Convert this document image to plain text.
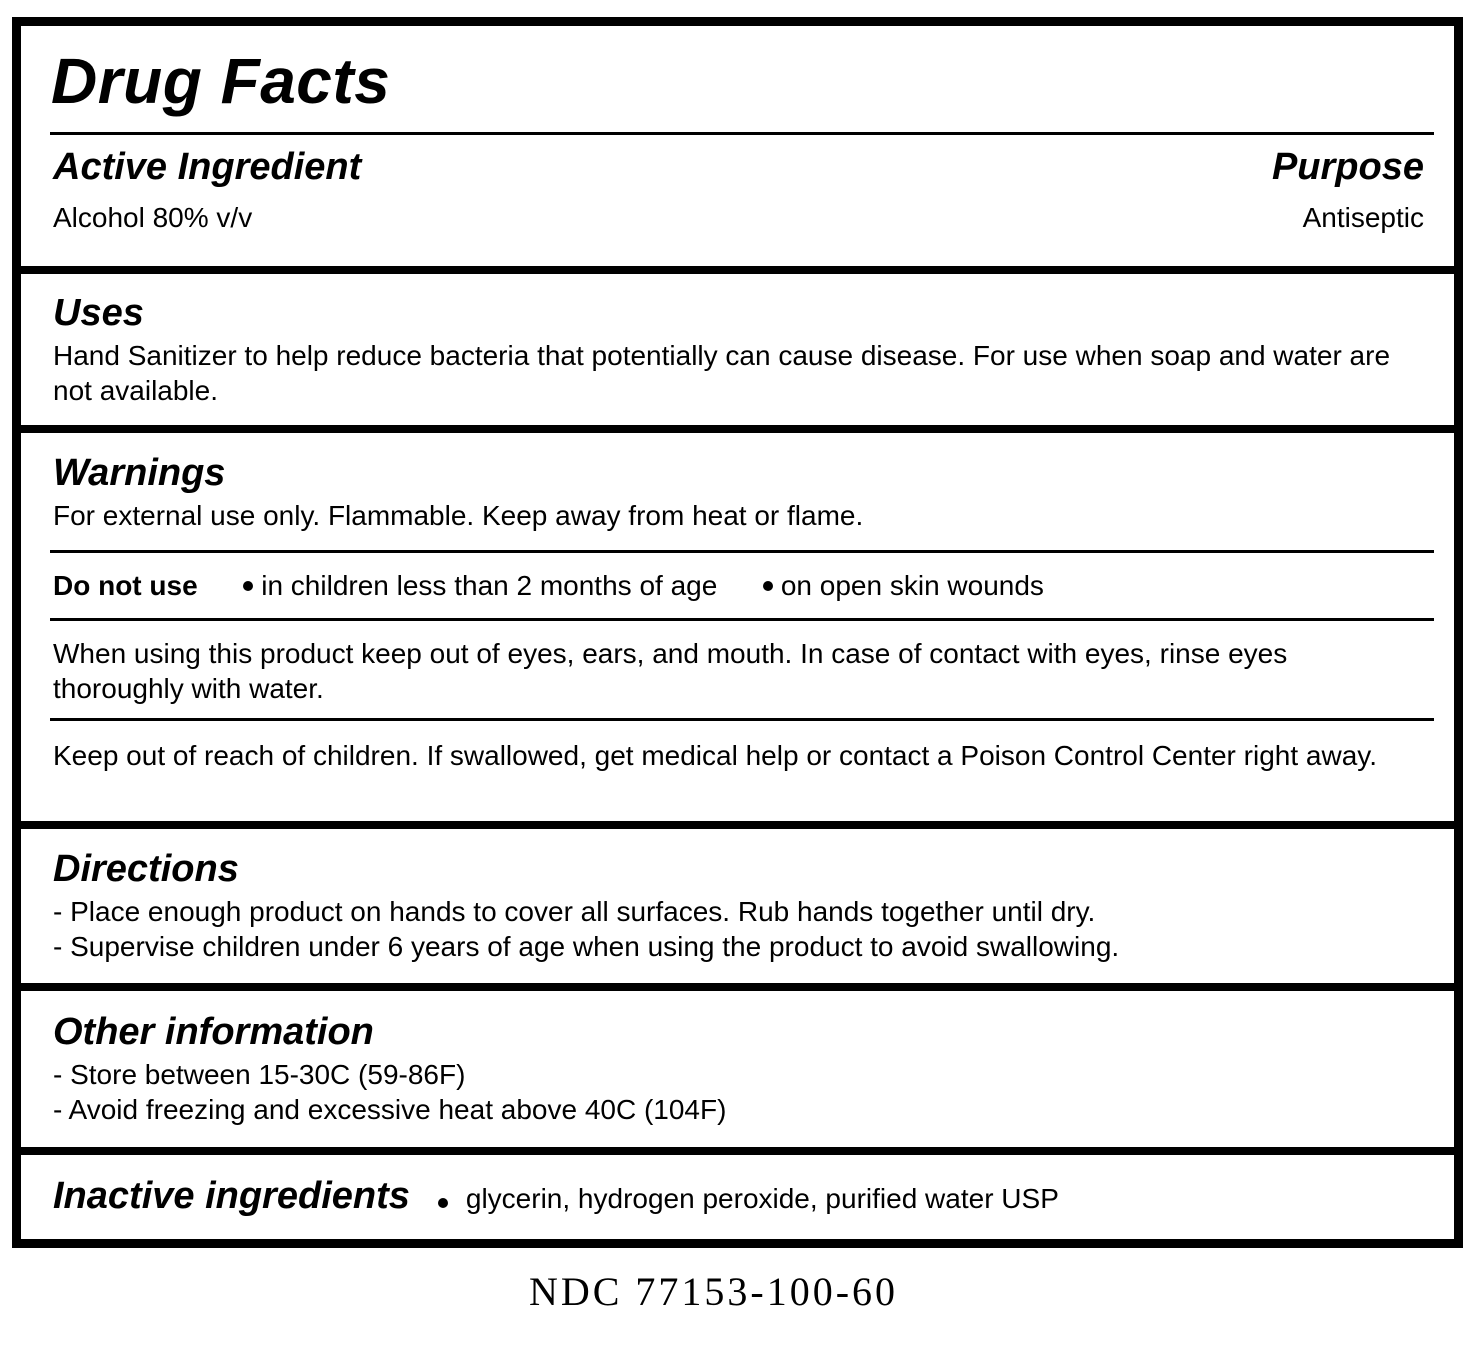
Drug Facts
Active Ingredient	Purpose
Alcohol 80% v/v	Antiseptic
Uses

Hand Sanitizer to help reduce bacteria that potentially can cause disease. For use when soap and water are not available.

Warnings

For external use only. Flammable. Keep away from heat or flame.

Do not use in children less than 2 months of age on open skin wounds

When using this product keep out of eyes, ears, and mouth. In case of contact with eyes, rinse eyes thoroughly with water.

Keep out of reach of children. If swallowed, get medical help or contact a Poison Control Center right away.

Directions

- Place enough product on hands to cover all surfaces. Rub hands together until dry.

- Supervise children under 6 years of age when using the product to avoid swallowing.

Other information

- Store between 15-30C (59-86F)

- Avoid freezing and excessive heat above 40C (104F)

Inactive ingredients glycerin, hydrogen peroxide, purified water USP
NDC 77153-100-60
